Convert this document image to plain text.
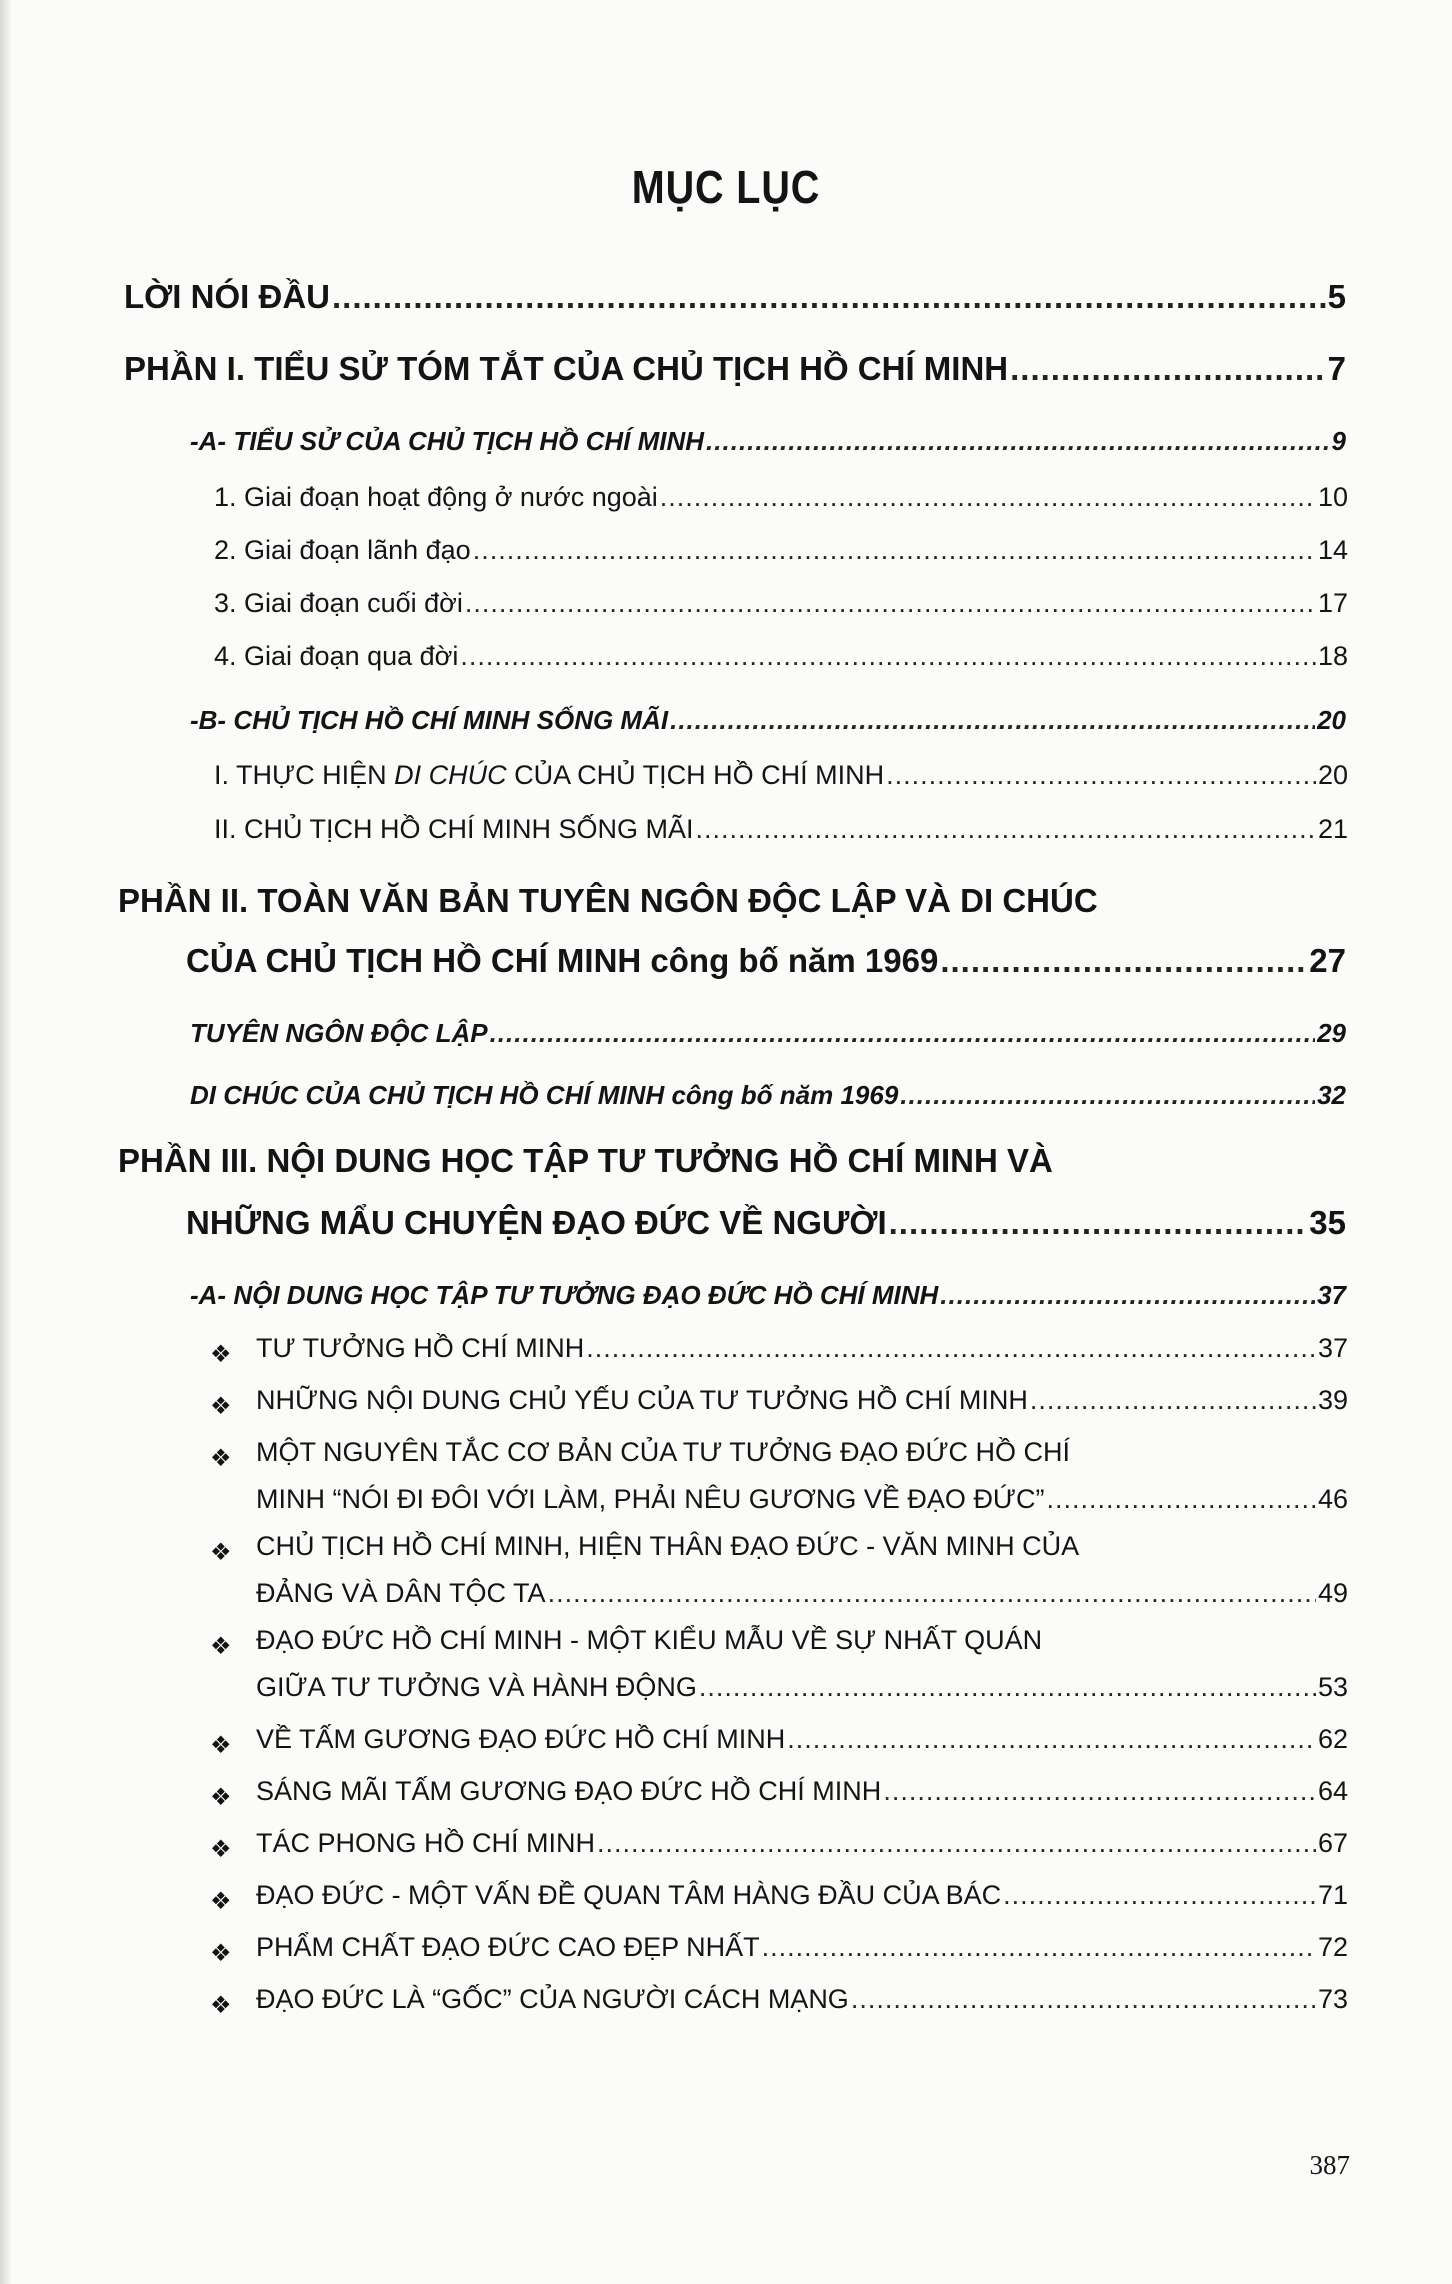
MỤC LỤC
LỜI NÓI ĐẦU .....	5
PHẦN I. TIỂU SỬ TÓM TẮT CỦA CHỦ TỊCH HỒ CHÍ MINH .....	7
-A- TIỂU SỬ CỦA CHỦ TỊCH HỒ CHÍ MINH .....	9
1. Giai đoạn hoạt động ở nước ngoài .....	10
2. Giai đoạn lãnh đạo .....	14
3. Giai đoạn cuối đời .....	17
4. Giai đoạn qua đời .....	18
-B- CHỦ TỊCH HỒ CHÍ MINH SỐNG MÃI .....	20
I. THỰC HIỆN DI CHÚC CỦA CHỦ TỊCH HỒ CHÍ MINH .....	20
II. CHỦ TỊCH HỒ CHÍ MINH SỐNG MÃI .....	21
PHẦN II. TOÀN VĂN BẢN TUYÊN NGÔN ĐỘC LẬP VÀ DI CHÚC
CỦA CHỦ TỊCH HỒ CHÍ MINH công bố năm 1969 .....	27
TUYÊN NGÔN ĐỘC LẬP .....	29
DI CHÚC CỦA CHỦ TỊCH HỒ CHÍ MINH công bố năm 1969 .....	32
PHẦN III. NỘI DUNG HỌC TẬP TƯ TƯỞNG HỒ CHÍ MINH VÀ
NHỮNG MẨU CHUYỆN ĐẠO ĐỨC VỀ NGƯỜI .....	35
-A- NỘI DUNG HỌC TẬP TƯ TƯỞNG ĐẠO ĐỨC HỒ CHÍ MINH .....	37
❖ TƯ TƯỞNG HỒ CHÍ MINH .....	37
❖ NHỮNG NỘI DUNG CHỦ YẾU CỦA TƯ TƯỞNG HỒ CHÍ MINH .....	39
❖ MỘT NGUYÊN TẮC CƠ BẢN CỦA TƯ TƯỞNG ĐẠO ĐỨC HỒ CHÍ
MINH “NÓI ĐI ĐÔI VỚI LÀM, PHẢI NÊU GƯƠNG VỀ ĐẠO ĐỨC” .....	46
❖ CHỦ TỊCH HỒ CHÍ MINH, HIỆN THÂN ĐẠO ĐỨC - VĂN MINH CỦA
ĐẢNG VÀ DÂN TỘC TA .....	49
❖ ĐẠO ĐỨC HỒ CHÍ MINH - MỘT KIỂU MẪU VỀ SỰ NHẤT QUÁN
GIỮA TƯ TƯỞNG VÀ HÀNH ĐỘNG .....	53
❖ VỀ TẤM GƯƠNG ĐẠO ĐỨC HỒ CHÍ MINH .....	62
❖ SÁNG MÃI TẤM GƯƠNG ĐẠO ĐỨC HỒ CHÍ MINH .....	64
❖ TÁC PHONG HỒ CHÍ MINH .....	67
❖ ĐẠO ĐỨC - MỘT VẤN ĐỀ QUAN TÂM HÀNG ĐẦU CỦA BÁC .....	71
❖ PHẨM CHẤT ĐẠO ĐỨC CAO ĐẸP NHẤT .....	72
❖ ĐẠO ĐỨC LÀ “GỐC” CỦA NGƯỜI CÁCH MẠNG .....	73
387
